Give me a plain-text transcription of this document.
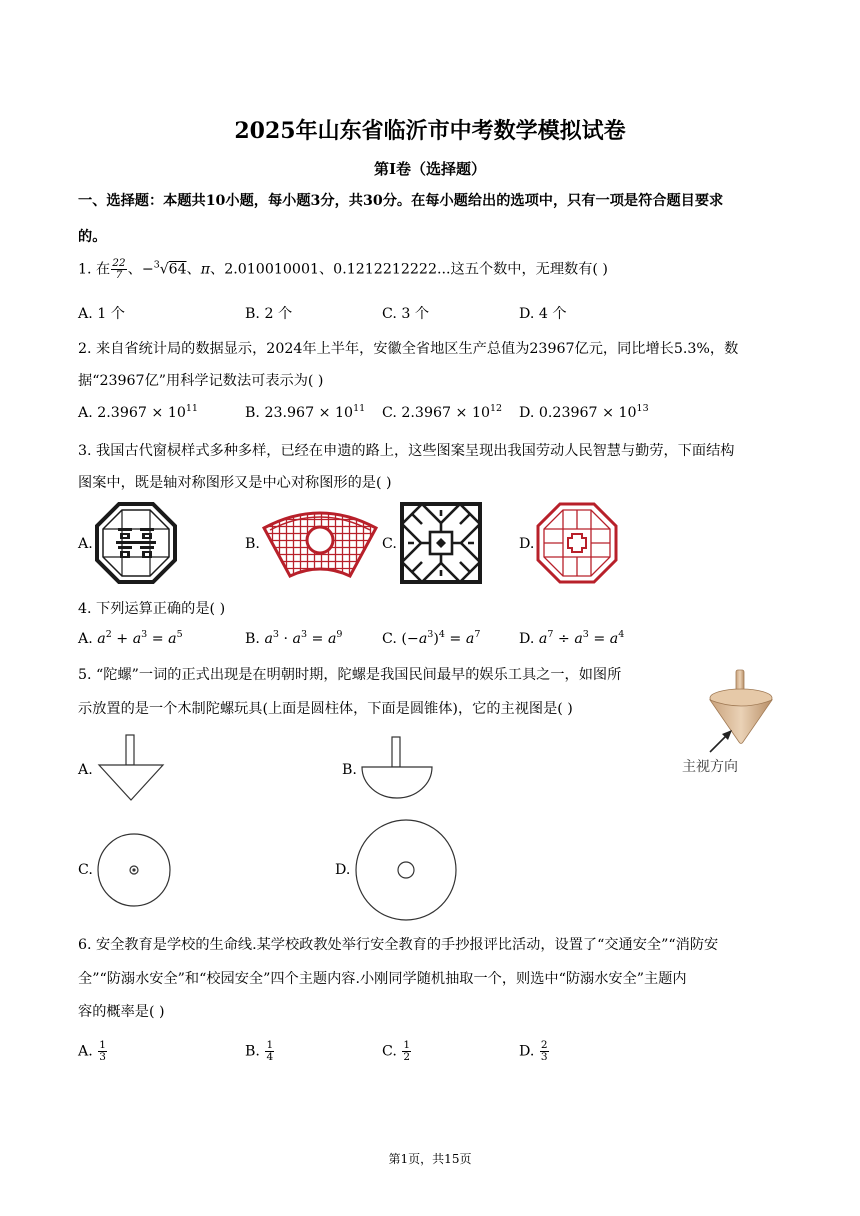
2025年山东省临沂市中考数学模拟试卷
第I卷（选择题）
一、选择题：本题共10小题，每小题3分，共30分。在每小题给出的选项中，只有一项是符合题目要求
的。
1. 在 $\frac{22}{7}$ 、−$^3$√64、π、2.010010001、0.1212212222...这五个数中，无理数有( )
A. 1 个	B. 2 个	C. 3 个	D. 4 个
2. 来自省统计局的数据显示，2024年上半年，安徽全省地区生产总值为23967亿元，同比增长5.3%，数
据“23967亿”用科学记数法可表示为( )
A. $2.3967 \times 10^{11}$	B. $23.967 \times 10^{11}$ C. $2.3967 \times 10^{12}$ D. $0.23967 \times 10^{13}$
3. 我国古代窗棂样式多种多样，已经在申遗的路上，这些图案呈现出我国劳动人民智慧与勤劳，下面结构
图案中，既是轴对称图形又是中心对称图形的是( )
A.	B.	C.	D.
4. 下列运算正确的是( )
A. $a^2 + a^3 = a^5$	B. $a^3 \cdot a^3 = a^9$	C. $(-a^3)^4 = a^7$	D. $a^7 \div a^3 = a^4$
5. “陀螺”一词的正式出现是在明朝时期，陀螺是我国民间最早的娱乐工具之一，如图所
示放置的是一个木制陀螺玩具(上面是圆柱体，下面是圆锥体)，它的主视图是( )
主视方向
A.	B.
C.	D.
6. 安全教育是学校的生命线.某学校政教处举行安全教育的手抄报评比活动，设置了“交通安全”“消防安
全”“防溺水安全”和“校园安全”四个主题内容.小刚同学随机抽取一个，则选中“防溺水安全”主题内
容的概率是( )
A. $\frac{1}{3}$	B. $\frac{1}{4}$	C. $\frac{1}{2}$	D. $\frac{2}{3}$
第1页，共15页
